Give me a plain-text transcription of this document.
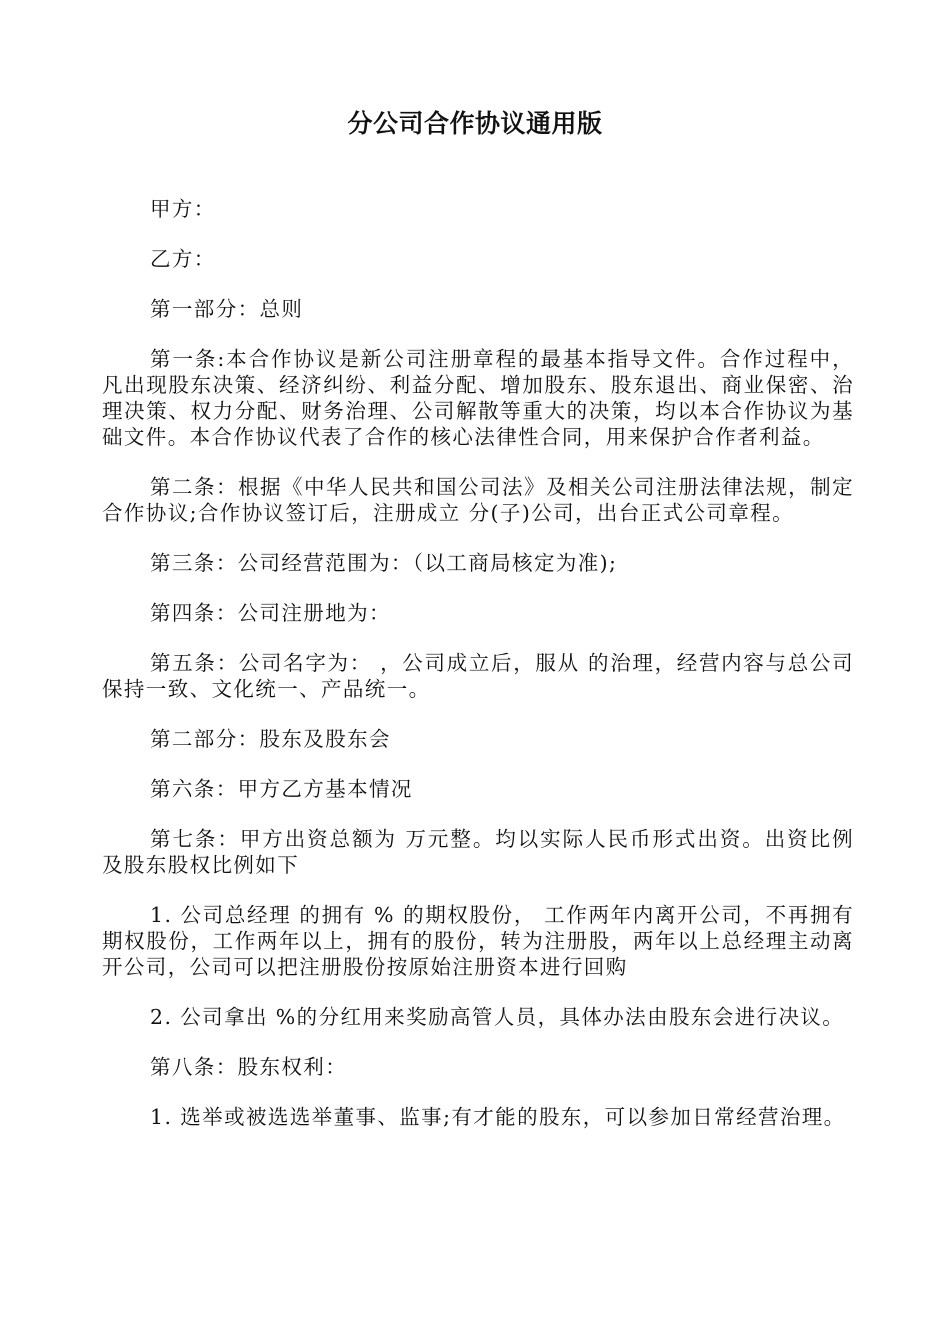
分公司合作协议通用版

甲方：

乙方：

第一部分：总则

第一条:本合作协议是新公司注册章程的最基本指导文件。合作过程中，凡出现股东决策、经济纠纷、利益分配、增加股东、股东退出、商业保密、治理决策、权力分配、财务治理、公司解散等重大的决策，均以本合作协议为基础文件。本合作协议代表了合作的核心法律性合同，用来保护合作者利益。

第二条：根据《中华人民共和国公司法》及相关公司注册法律法规，制定合作协议;合作协议签订后，注册成立 分(子)公司，出台正式公司章程。

第三条：公司经营范围为：（以工商局核定为准);

第四条：公司注册地为：

第五条：公司名字为： ，公司成立后，服从 的治理，经营内容与总公司保持一致、文化统一、产品统一。

第二部分：股东及股东会

第六条：甲方乙方基本情况

第七条：甲方出资总额为 万元整。均以实际人民币形式出资。出资比例及股东股权比例如下

1. 公司总经理 的拥有 % 的期权股份， 工作两年内离开公司，不再拥有期权股份，工作两年以上，拥有的股份，转为注册股，两年以上总经理主动离开公司，公司可以把注册股份按原始注册资本进行回购

2. 公司拿出 %的分红用来奖励高管人员，具体办法由股东会进行决议。

第八条：股东权利：

1. 选举或被选选举董事、监事;有才能的股东，可以参加日常经营治理。
